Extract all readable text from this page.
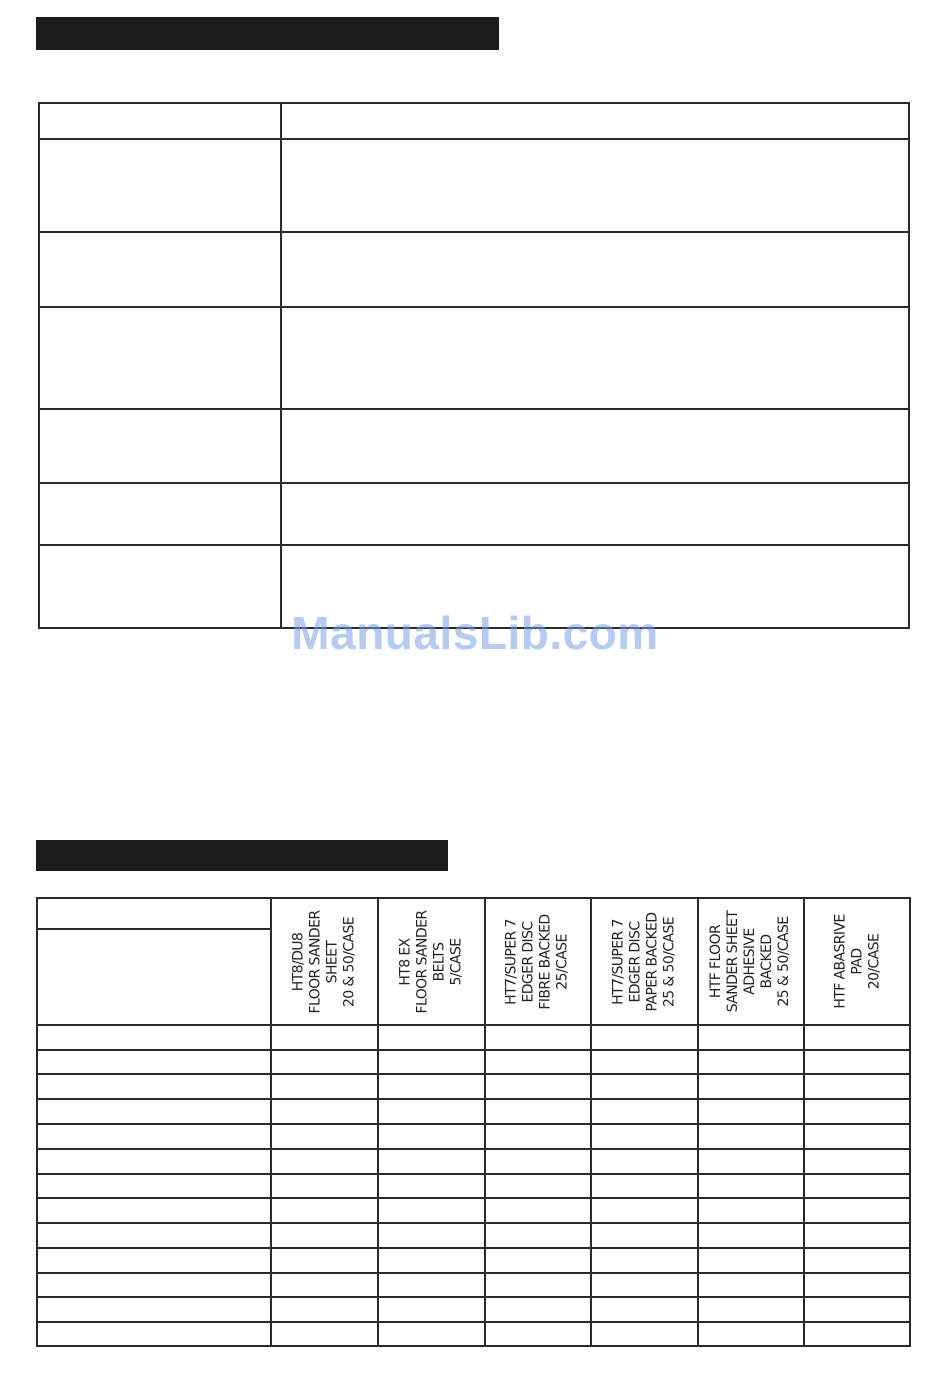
ManualsLib.com
HT8/DU8
FLOOR SANDER
SHEET
20 & 50/CASE
HT8 EX
FLOOR SANDER
BELTS
5/CASE	HT7/SUPER 7
EDGER DISC
FIBRE BACKED
25/CASE	HT7/SUPER 7
EDGER DISC
PAPER BACKED
25 & 50/CASE
HTF FLOOR
SANDER SHEET
ADHESIVE
BACKED
25 & 50/CASE
HTF ABASRIVE
PAD
20/CASE
